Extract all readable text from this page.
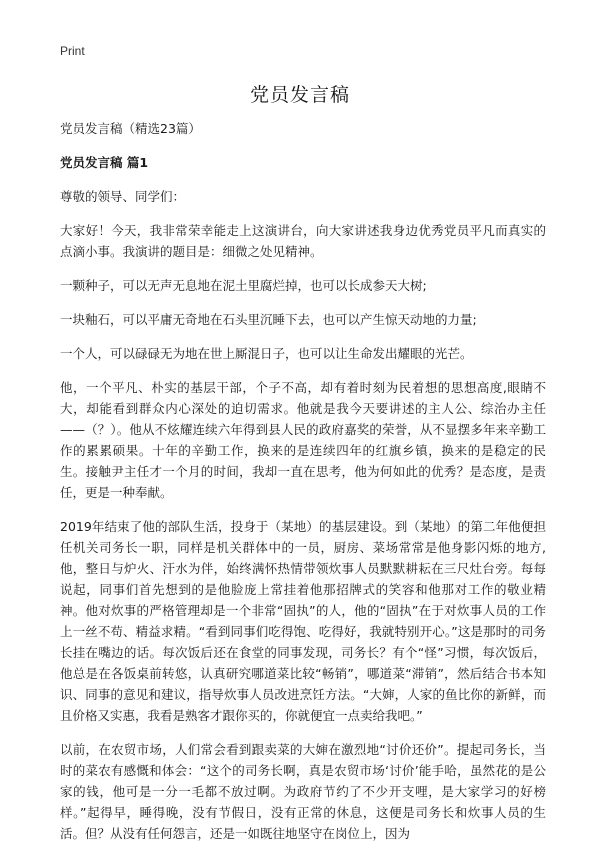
Print
党员发言稿

党员发言稿（精选23篇）

党员发言稿 篇1

尊敬的领导、同学们：

大家好！今天，我非常荣幸能走上这演讲台，向大家讲述我身边优秀党员平凡而真实的点滴小事。我演讲的题目是：细微之处见精神。

一颗种子，可以无声无息地在泥土里腐烂掉，也可以长成参天大树;

一块釉石，可以平庸无奇地在石头里沉睡下去，也可以产生惊天动地的力量;

一个人，可以碌碌无为地在世上厮混日子，也可以让生命发出耀眼的光芒。

他，一个平凡、朴实的基层干部，个子不高，却有着时刻为民着想的思想高度,眼睛不大，却能看到群众内心深处的迫切需求。他就是我今天要讲述的主人公、综治办主任——（？）。他从不炫耀连续六年得到县人民的政府嘉奖的荣誉，从不显摆多年来辛勤工作的累累硕果。十年的辛勤工作，换来的是连续四年的红旗乡镇，换来的是稳定的民生。接触尹主任才一个月的时间，我却一直在思考，他为何如此的优秀？是态度，是责任，更是一种奉献。

2019年结束了他的部队生活，投身于（某地）的基层建设。到（某地）的第二年他便担任机关司务长一职，同样是机关群体中的一员，厨房、菜场常常是他身影闪烁的地方,他，整日与炉火、汗水为伴，始终满怀热情带领炊事人员默默耕耘在三尺灶台旁。每每说起，同事们首先想到的是他脸庞上常挂着他那招牌式的笑容和他那对工作的敬业精神。他对炊事的严格管理却是一个非常“固执”的人，他的“固执”在于对炊事人员的工作上一丝不苟、精益求精。“看到同事们吃得饱、吃得好，我就特别开心。”这是那时的司务长挂在嘴边的话。每次饭后还在食堂的同事发现，司务长？有个“怪”习惯，每次饭后，他总是在各饭桌前转悠，认真研究哪道菜比较“畅销”，哪道菜“滞销”，然后结合书本知识、同事的意见和建议，指导炊事人员改进烹饪方法。“大婶，人家的鱼比你的新鲜，而且价格又实惠，我看是熟客才跟你买的，你就便宜一点卖给我吧。”

以前，在农贸市场，人们常会看到跟卖菜的大婶在激烈地“讨价还价”。提起司务长，当时的菜农有感慨和体会：“这个的司务长啊，真是农贸市场‘讨价’能手哈，虽然花的是公家的钱，他可是一分一毛都不放过啊。为政府节约了不少开支哩，是大家学习的好榜样。”起得早，睡得晚，没有节假日，没有正常的休息，这便是司务长和炊事人员的生活。但？从没有任何怨言，还是一如既往地坚守在岗位上，因为
